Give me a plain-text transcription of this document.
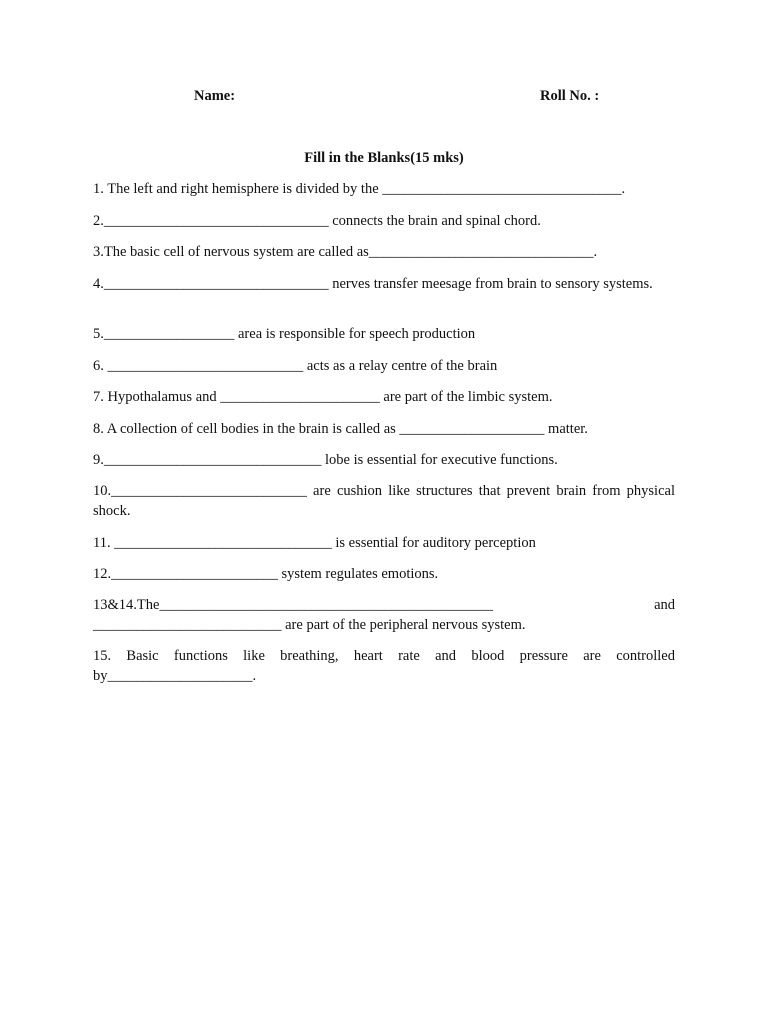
Name:	Roll No. :
Fill in the Blanks(15 mks)
1. The left and right hemisphere is divided by the _________________________________.
2._______________________________ connects the brain and spinal chord.
3.The basic cell of nervous system are called as_______________________________.
4._______________________________ nerves transfer meesage from brain to sensory systems.
5.__________________ area is responsible for speech production
6. ___________________________ acts as a relay centre of the brain
7. Hypothalamus and ______________________ are part of the limbic system.
8. A collection of cell bodies in the brain is called as ____________________ matter.
9.______________________________ lobe is essential for executive functions.
10.___________________________ are cushion like structures that prevent brain from physical shock.
11. ______________________________ is essential for auditory perception
12._______________________ system regulates emotions.
13&14.The______________________________________________	and
__________________________ are part of the peripheral nervous system.
15. Basic functions like breathing, heart rate and blood pressure are controlled by____________________.
